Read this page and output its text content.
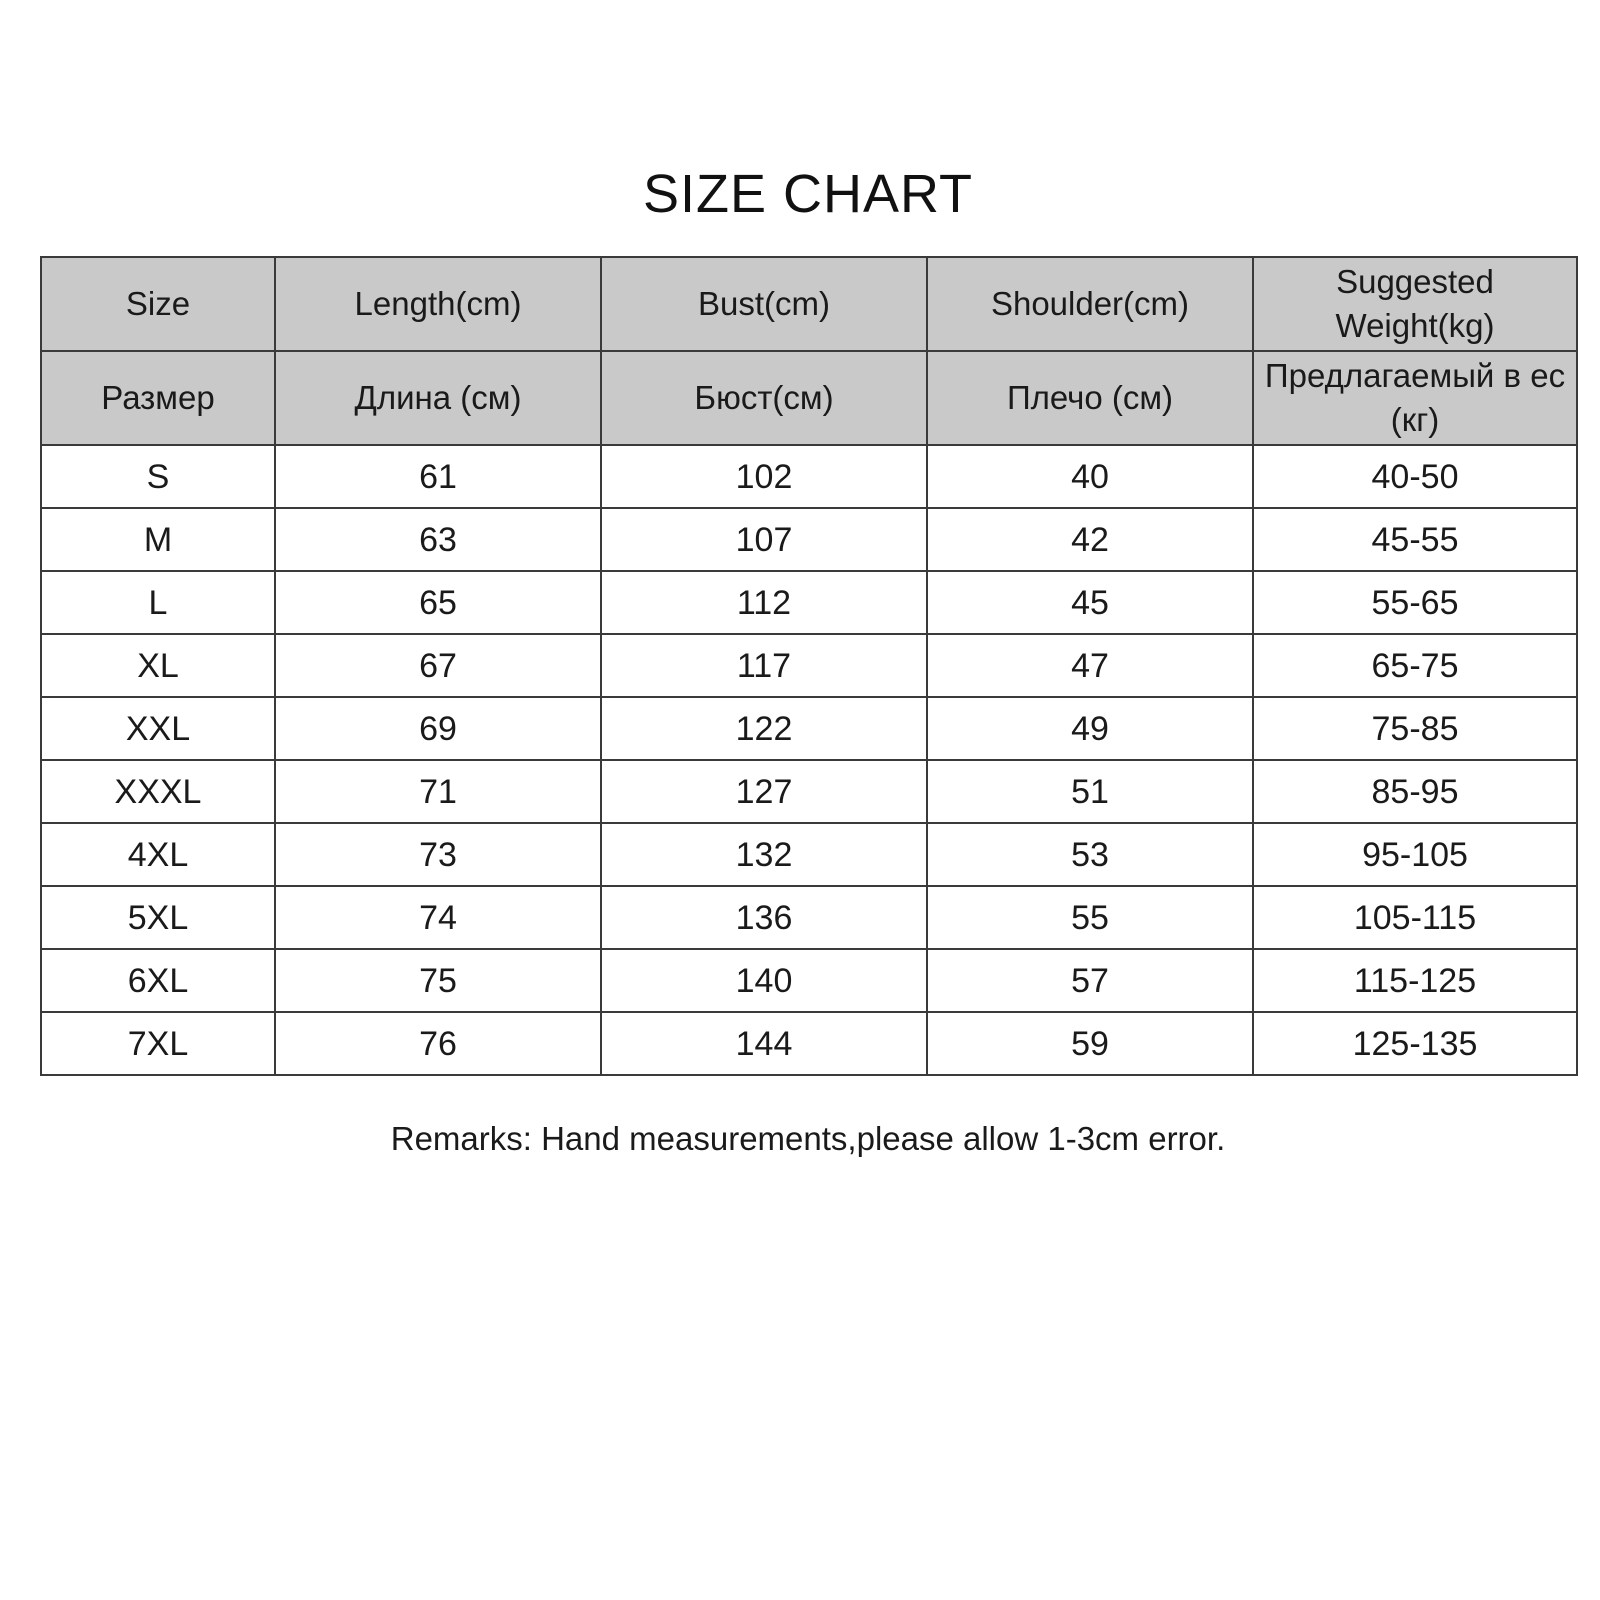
SIZE CHART
Size	Length(cm)	Bust(cm)	Shoulder(cm)	Suggested Weight(kg)
Размер	Длина (см)	Бюст(см)	Плечо (см)	Предлагаемый в ес (кг)
S	61	102	40	40-50
M	63	107	42	45-55
L	65	112	45	55-65
XL	67	117	47	65-75
XXL	69	122	49	75-85
XXXL	71	127	51	85-95
4XL	73	132	53	95-105
5XL	74	136	55	105-115
6XL	75	140	57	115-125
7XL	76	144	59	125-135
Remarks: Hand measurements,please allow 1-3cm error.
